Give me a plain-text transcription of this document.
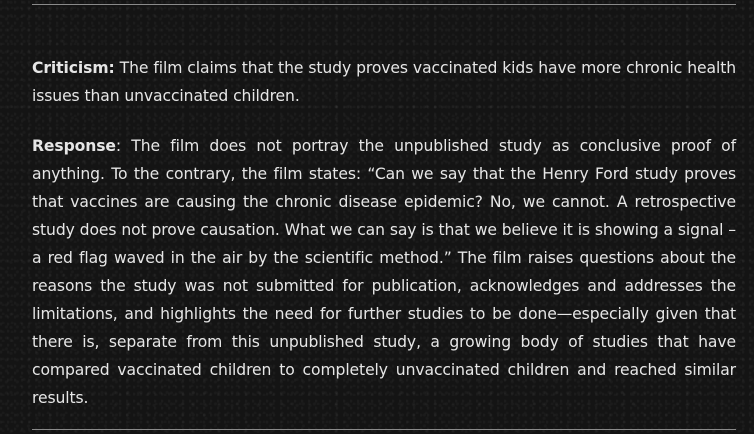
Criticism: The film claims that the study proves vaccinated kids have more chronic health issues than unvaccinated children.

Response: The film does not portray the unpublished study as conclusive proof of anything. To the contrary, the film states: “Can we say that the Henry Ford study proves that vaccines are causing the chronic disease epidemic? No, we cannot. A retrospective study does not prove causation. What we can say is that we believe it is showing a signal – a red flag waved in the air by the scientific method.” The film raises questions about the reasons the study was not submitted for publication, acknowledges and addresses the limitations, and highlights the need for further studies to be done—especially given that there is, separate from this unpublished study, a growing body of studies that have compared vaccinated children to completely unvaccinated children and reached similar results.
